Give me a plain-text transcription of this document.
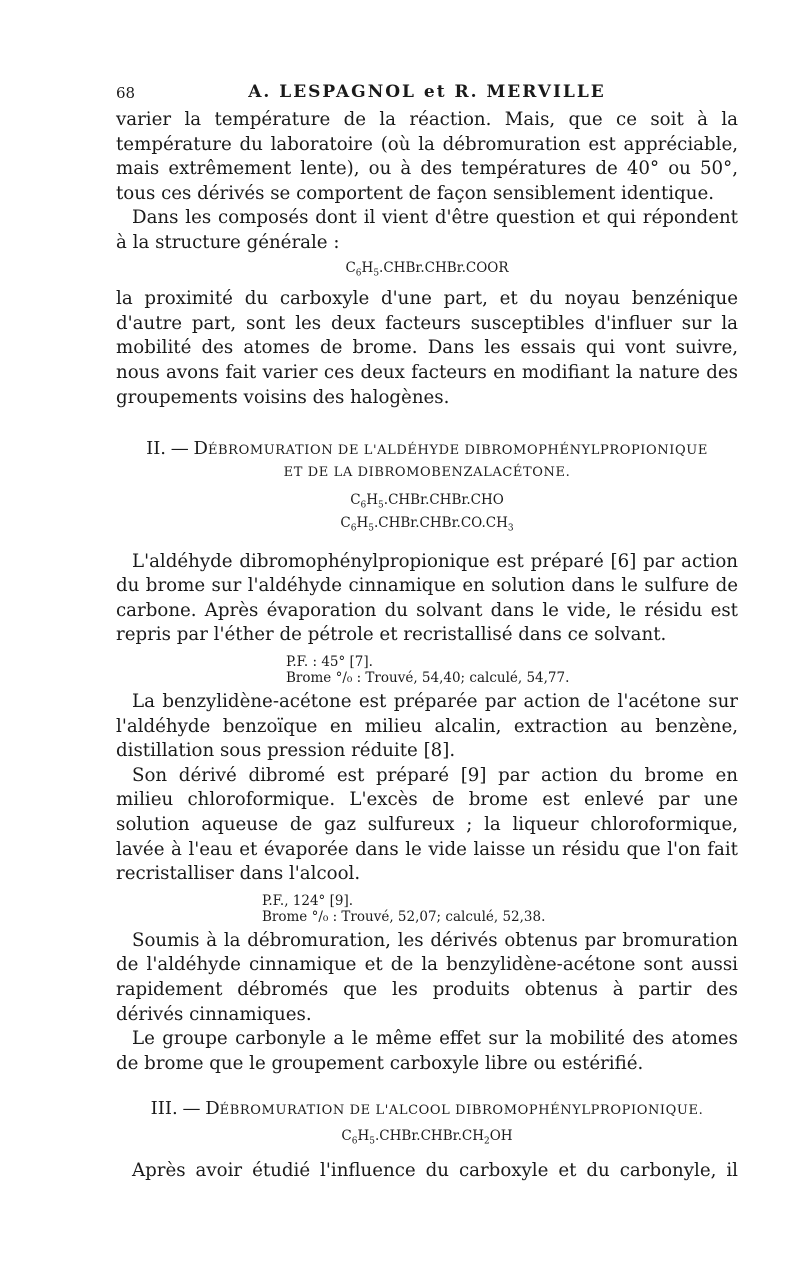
68	A. LESPAGNOL et R. MERVILLE

varier la température de la réaction. Mais, que ce soit à la température du laboratoire (où la débromuration est appréciable, mais extrêmement lente), ou à des températures de 40° ou 50°, tous ces dérivés se comportent de façon sensiblement identique.

Dans les composés dont il vient d'être question et qui répondent à la structure générale :

$C_6H_5.CHBr.CHBr.COOR$

la proximité du carboxyle d'une part, et du noyau benzénique d'autre part, sont les deux facteurs susceptibles d'influer sur la mobilité des atomes de brome. Dans les essais qui vont suivre, nous avons fait varier ces deux facteurs en modifiant la nature des groupements voisins des halogènes.

II. — DÉBROMURATION DE L'ALDÉHYDE DIBROMOPHÉNYLPROPIONIQUE
ET DE LA DIBROMOBENZALACÉTONE.
$C_6H_5.CHBr.CHBr.CHO$
$C_6H_5.CHBr.CHBr.CO.CH_3$

L'aldéhyde dibromophénylpropionique est préparé [6] par action du brome sur l'aldéhyde cinnamique en solution dans le sulfure de carbone. Après évaporation du solvant dans le vide, le résidu est repris par l'éther de pétrole et recristallisé dans ce solvant.

P.F. : 45° [7].
Brome °/₀ : Trouvé, 54,40; calculé, 54,77.

La benzylidène-acétone est préparée par action de l'acétone sur l'aldéhyde benzoïque en milieu alcalin, extraction au benzène, distillation sous pression réduite [8].

Son dérivé dibromé est préparé [9] par action du brome en milieu chloroformique. L'excès de brome est enlevé par une solution aqueuse de gaz sulfureux ; la liqueur chloroformique, lavée à l'eau et évaporée dans le vide laisse un résidu que l'on fait recristalliser dans l'alcool.

P.F., 124° [9].
Brome °/₀ : Trouvé, 52,07; calculé, 52,38.

Soumis à la débromuration, les dérivés obtenus par bromuration de l'aldéhyde cinnamique et de la benzylidène-acétone sont aussi rapidement débromés que les produits obtenus à partir des dérivés cinnamiques.

Le groupe carbonyle a le même effet sur la mobilité des atomes de brome que le groupement carboxyle libre ou estérifié.

III. — DÉBROMURATION DE L'ALCOOL DIBROMOPHÉNYLPROPIONIQUE.
$C_6H_5.CHBr.CHBr.CH_2OH$

Après avoir étudié l'influence du carboxyle et du carbonyle, il
